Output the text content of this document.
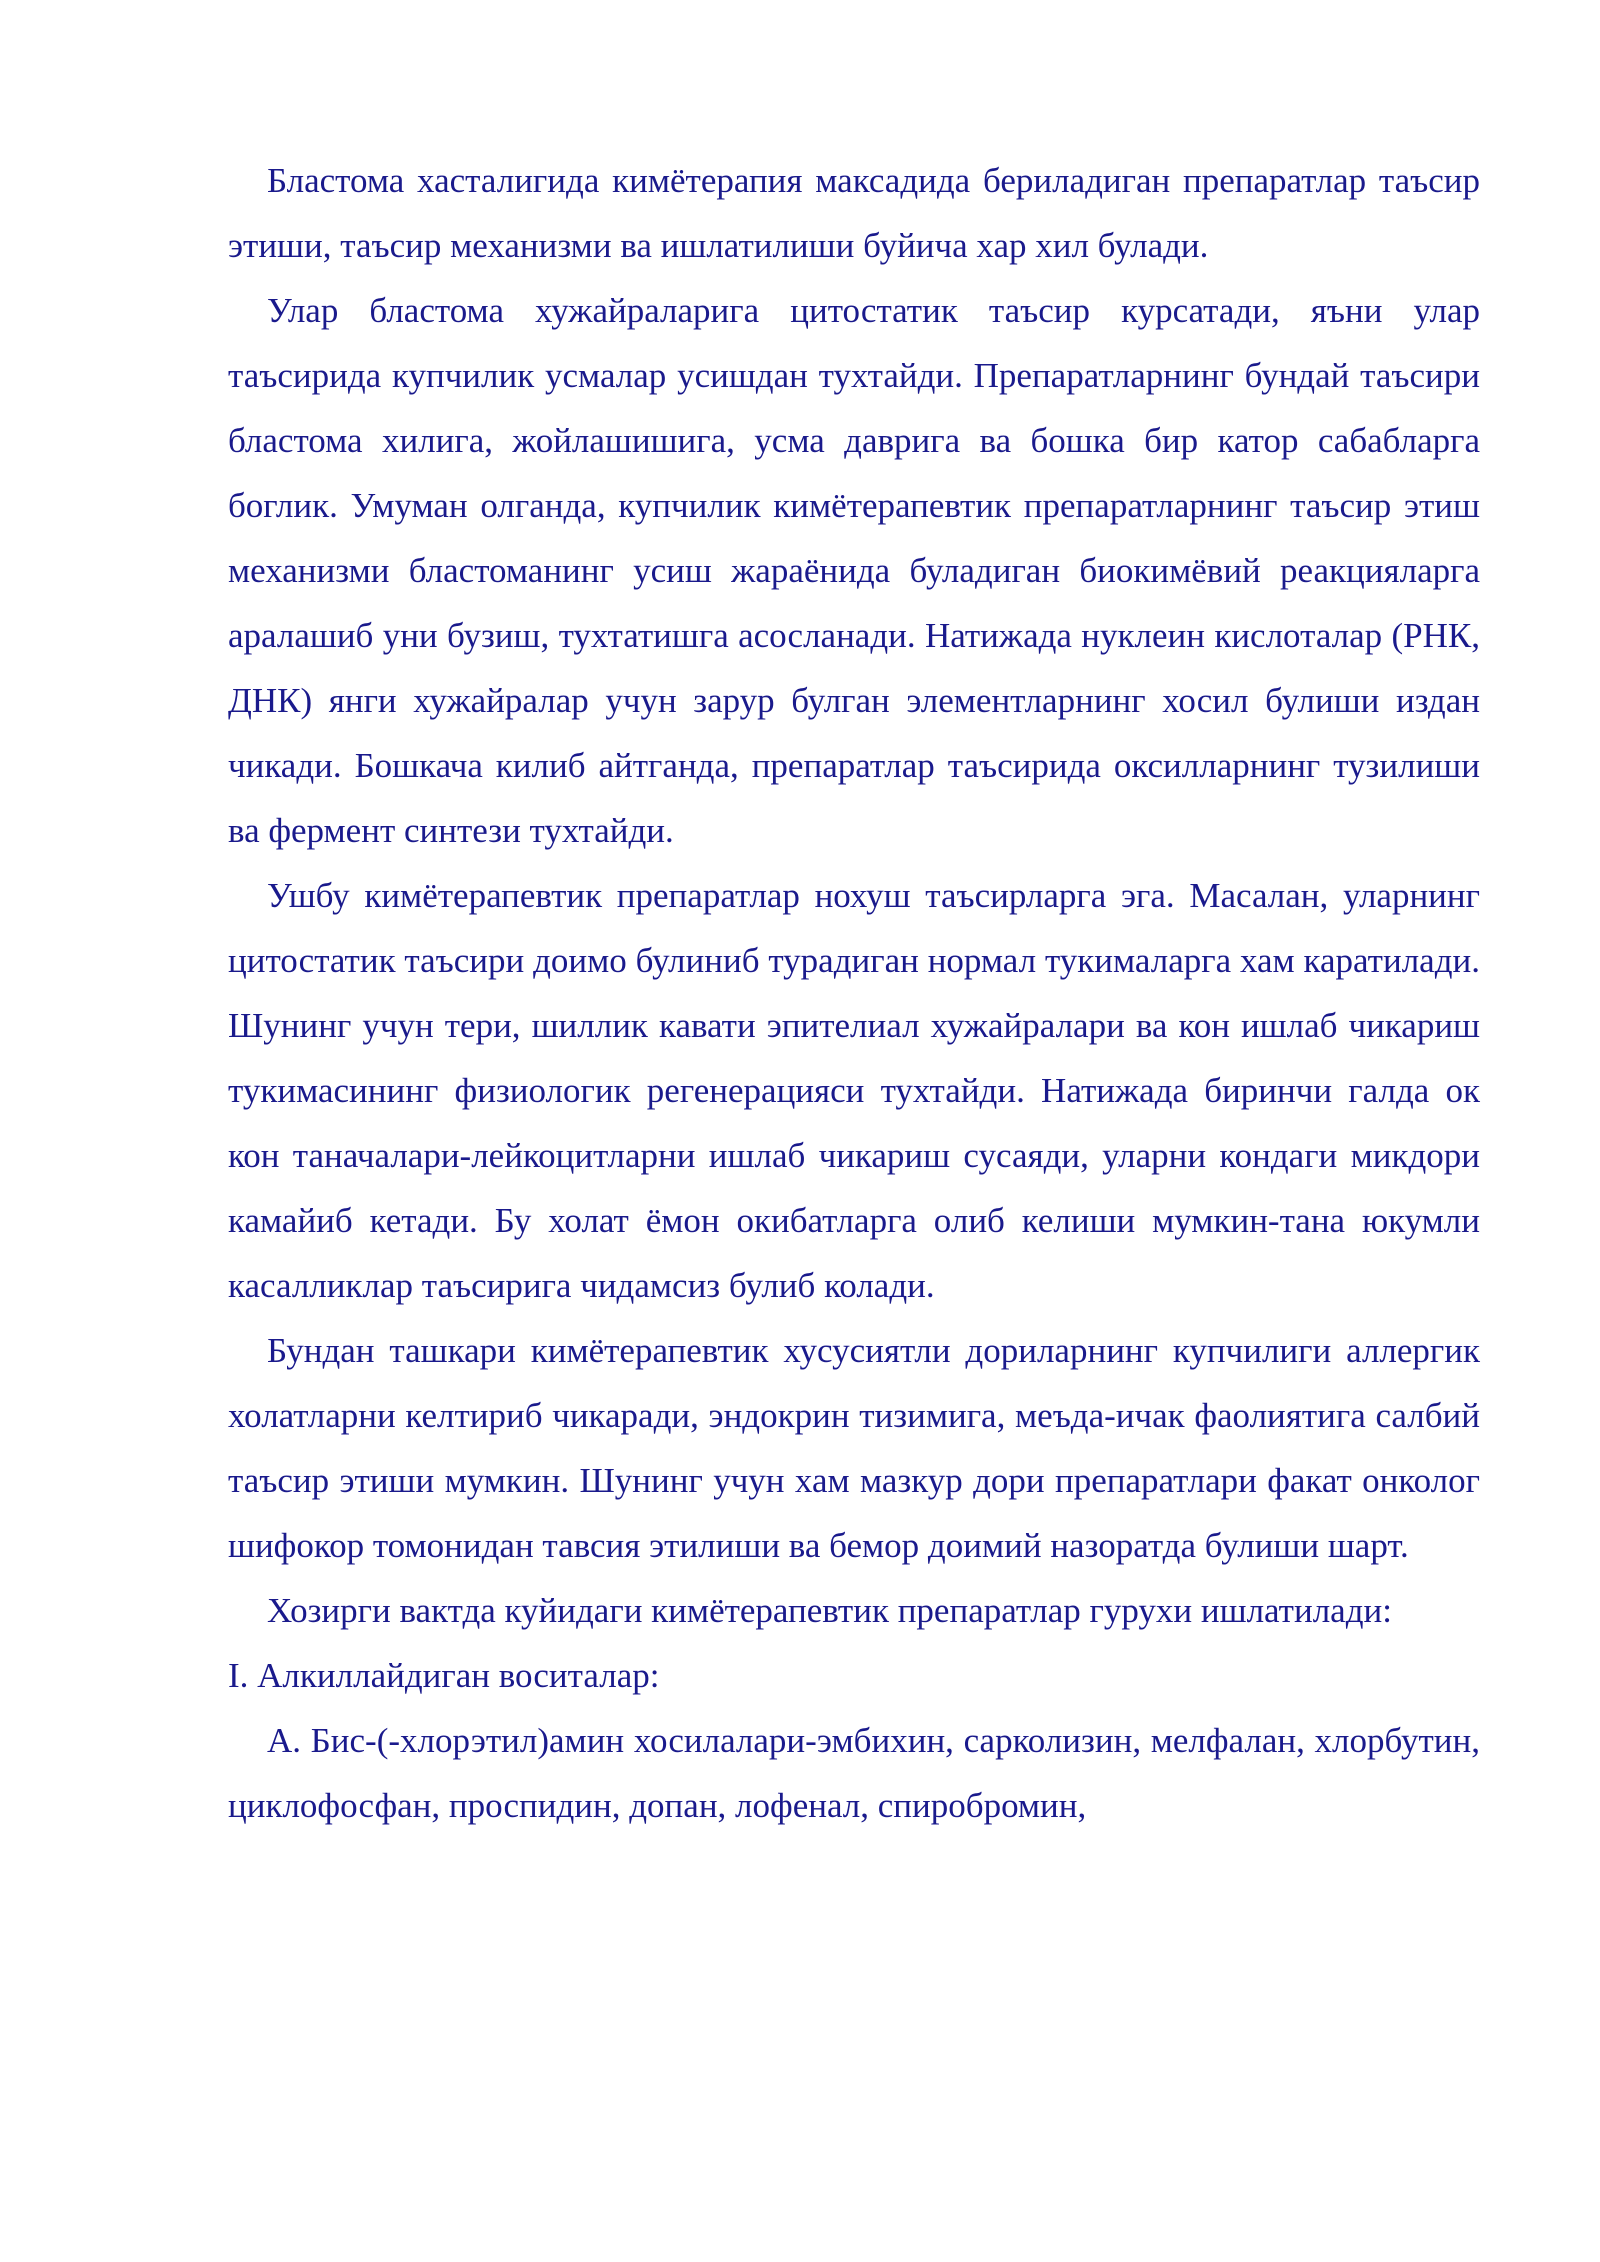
Бластома хасталигида кимётерапия максадида бериладиган препаратлар таъсир этиши, таъсир механизми ва ишлатилиши буйича хар хил булади.

Улар бластома хужайраларига цитостатик таъсир курсатади, яъни улар таъсирида купчилик усмалар усишдан тухтайди. Препаратларнинг бундай таъсири бластома хилига, жойлашишига, усма даврига ва бошка бир катор сабабларга боглик. Умуман олганда, купчилик кимётерапевтик препаратларнинг таъсир этиш механизми бластоманинг усиш жараёнида буладиган биокимёвий реакцияларга аралашиб уни бузиш, тухтатишга асосланади. Натижада нуклеин кислоталар (РНК, ДНК) янги хужайралар учун зарур булган элементларнинг хосил булиши издан чикади. Бошкача килиб айтганда, препаратлар таъсирида оксилларнинг тузилиши ва фермент синтези тухтайди.

Ушбу кимётерапевтик препаратлар нохуш таъсирларга эга. Масалан, уларнинг цитостатик таъсири доимо булиниб турадиган нормал тукималарга хам каратилади. Шунинг учун тери, шиллик кавати эпителиал хужайралари ва кон ишлаб чикариш тукимасининг физиологик регенерацияси тухтайди. Натижада биринчи галда ок кон таначалари-лейкоцитларни ишлаб чикариш сусаяди, уларни кондаги микдори камайиб кетади. Бу холат ёмон окибатларга олиб келиши мумкин-тана юкумли касалликлар таъсирига чидамсиз булиб колади.

Бундан ташкари кимётерапевтик хусусиятли дориларнинг купчилиги аллергик холатларни келтириб чикаради, эндокрин тизимига, меъда-ичак фаолиятига салбий таъсир этиши мумкин. Шунинг учун хам мазкур дори препаратлари факат онколог шифокор томонидан тавсия этилиши ва бемор доимий назоратда булиши шарт.

Хозирги вактда куйидаги кимётерапевтик препаратлар гурухи ишлатилади:

I. Алкиллайдиган воситалар:

А. Бис-(-хлорэтил)амин хосилалари-эмбихин, сарколизин, мелфалан, хлорбутин, циклофосфан, проспидин, допан, лофенал, спиробромин,
